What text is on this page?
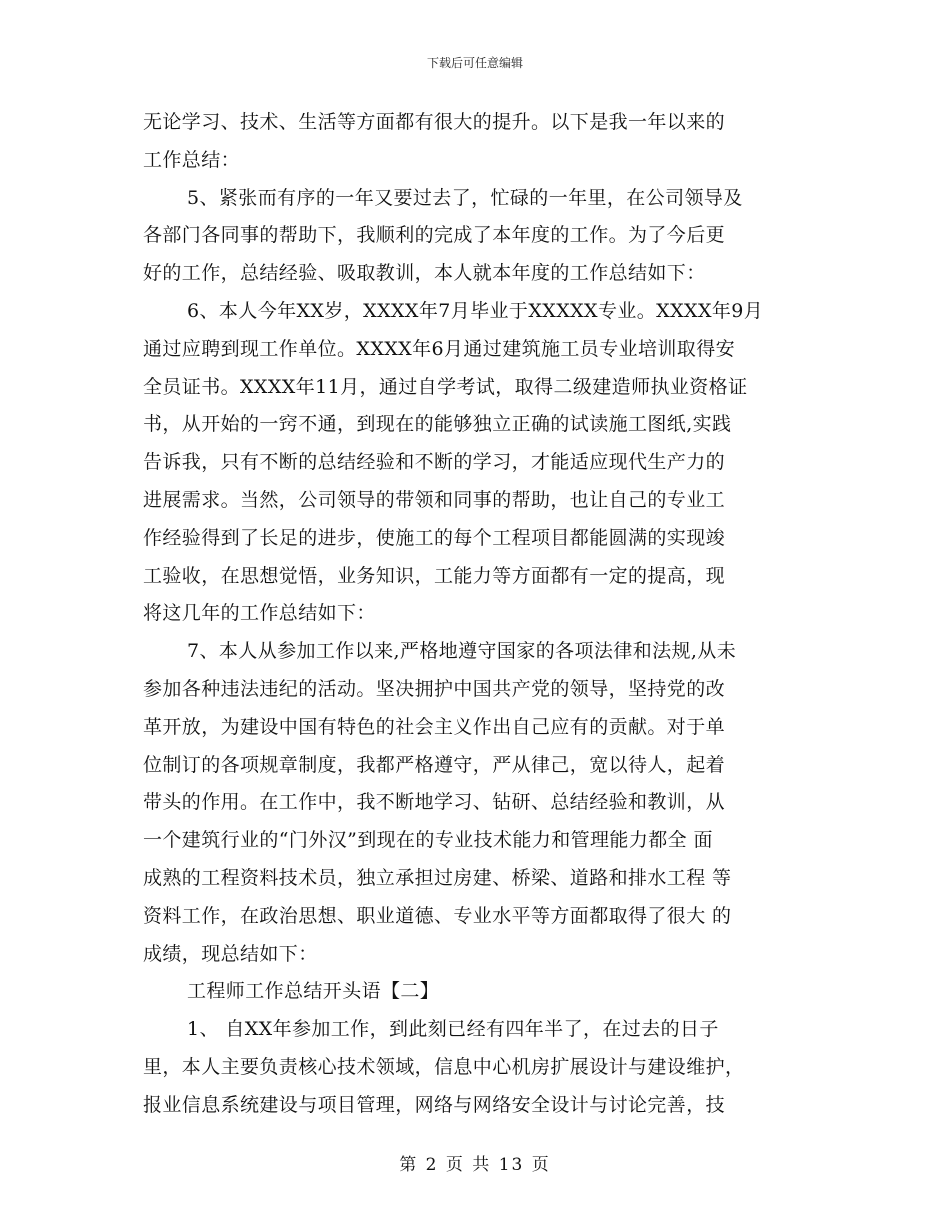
下载后可任意编辑
无论学习、技术、生活等方面都有很大的提升。以下是我一年以来的
工作总结：
5、紧张而有序的一年又要过去了，忙碌的一年里，在公司领导及
各部门各同事的帮助下，我顺利的完成了本年度的工作。为了今后更
好的工作，总结经验、吸取教训，本人就本年度的工作总结如下：
6、本人今年XX岁，XXXX年7月毕业于XXXXX专业。XXXX年9月
通过应聘到现工作单位。XXXX年6月通过建筑施工员专业培训取得安
全员证书。XXXX年11月，通过自学考试，取得二级建造师执业资格证
书，从开始的一窍不通，到现在的能够独立正确的试读施工图纸,实践
告诉我，只有不断的总结经验和不断的学习，才能适应现代生产力的
进展需求。当然，公司领导的带领和同事的帮助，也让自己的专业工
作经验得到了长足的进步，使施工的每个工程项目都能圆满的实现竣
工验收，在思想觉悟，业务知识，工能力等方面都有一定的提高，现
将这几年的工作总结如下：
7、本人从参加工作以来,严格地遵守国家的各项法律和法规,从未
参加各种违法违纪的活动。坚决拥护中国共产党的领导，坚持党的改
革开放，为建设中国有特色的社会主义作出自己应有的贡献。对于单
位制订的各项规章制度，我都严格遵守，严从律己，宽以待人，起着
带头的作用。在工作中，我不断地学习、钻研、总结经验和教训，从
一个建筑行业的“门外汉”到现在的专业技术能力和管理能力都全 面
成熟的工程资料技术员，独立承担过房建、桥梁、道路和排水工程 等
资料工作，在政治思想、职业道德、专业水平等方面都取得了很大 的
成绩，现总结如下：
工程师工作总结开头语【二】
1、 自XX年参加工作，到此刻已经有四年半了，在过去的日子
里，本人主要负责核心技术领域，信息中心机房扩展设计与建设维护，
报业信息系统建设与项目管理，网络与网络安全设计与讨论完善，技
第 2 页 共 13 页
